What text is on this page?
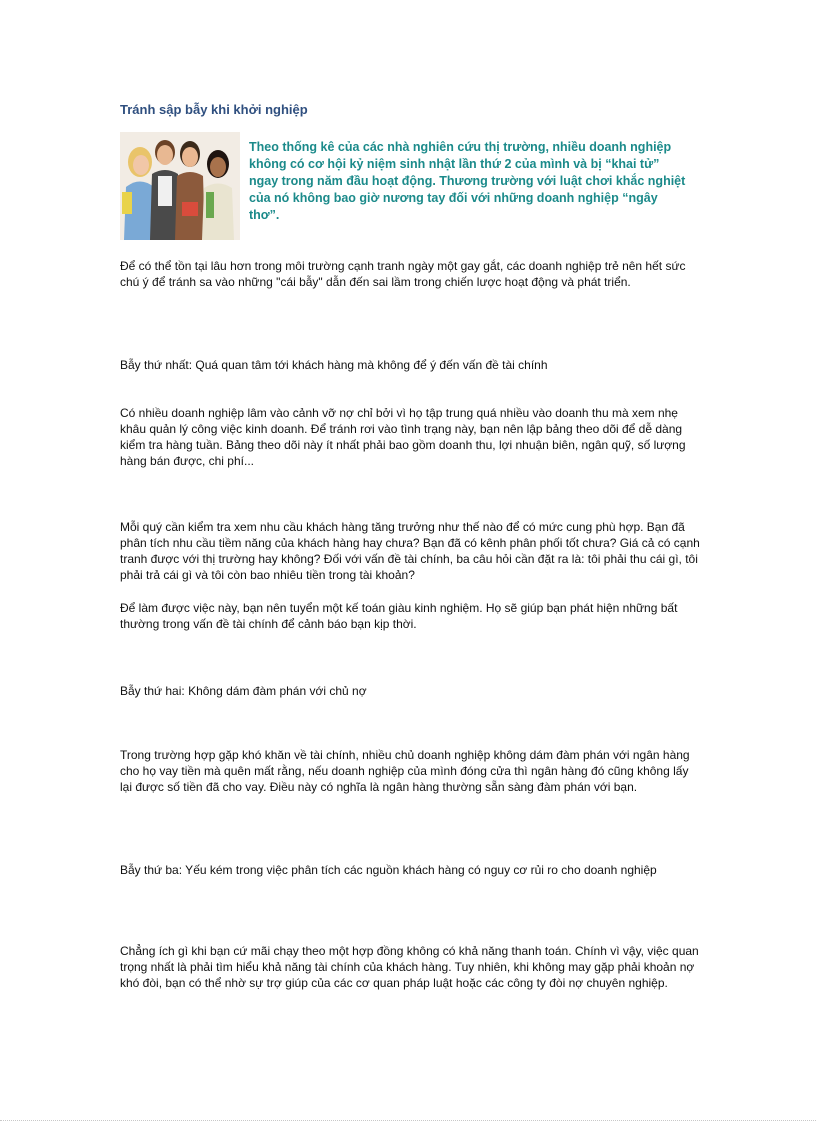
Tránh sập bẫy khi khởi nghiệp
Theo thống kê của các nhà nghiên cứu thị trường, nhiều doanh nghiệp không có cơ hội kỷ niệm sinh nhật lần thứ 2 của mình và bị “khai tử” ngay trong năm đầu hoạt động. Thương trường với luật chơi khắc nghiệt của nó không bao giờ nương tay đối với những doanh nghiệp “ngây thơ”.
Để có thể tồn tại lâu hơn trong môi trường cạnh tranh ngày một gay gắt, các doanh nghiệp trẻ nên hết sức chú ý để tránh sa vào những "cái bẫy" dẫn đến sai lầm trong chiến lược hoạt động và phát triển.
Bẫy thứ nhất: Quá quan tâm tới khách hàng mà không để ý đến vấn đề tài chính
Có nhiều doanh nghiệp lâm vào cảnh vỡ nợ chỉ bởi vì họ tập trung quá nhiều vào doanh thu mà xem nhẹ khâu quản lý công việc kinh doanh. Để tránh rơi vào tình trạng này, bạn nên lập bảng theo dõi để dễ dàng kiểm tra hàng tuần. Bảng theo dõi này ít nhất phải bao gồm doanh thu, lợi nhuận biên, ngân quỹ, số lượng hàng bán được, chi phí...
Mỗi quý cần kiểm tra xem nhu cầu khách hàng tăng trưởng như thế nào để có mức cung phù hợp. Bạn đã phân tích nhu cầu tiềm năng của khách hàng hay chưa? Bạn đã có kênh phân phối tốt chưa? Giá cả có cạnh tranh được với thị trường hay không? Đối với vấn đề tài chính, ba câu hỏi cần đặt ra là: tôi phải thu cái gì, tôi phải trả cái gì và tôi còn bao nhiêu tiền trong tài khoản?
Để làm được việc này, bạn nên tuyển một kế toán giàu kinh nghiệm. Họ sẽ giúp bạn phát hiện những bất thường trong vấn đề tài chính để cảnh báo bạn kịp thời.
Bẫy thứ hai: Không dám đàm phán với chủ nợ
Trong trường hợp gặp khó khăn về tài chính, nhiều chủ doanh nghiệp không dám đàm phán với ngân hàng cho họ vay tiền mà quên mất rằng, nếu doanh nghiệp của mình đóng cửa thì ngân hàng đó cũng không lấy lại được số tiền đã cho vay. Điều này có nghĩa là ngân hàng thường sẵn sàng đàm phán với bạn.
Bẫy thứ ba: Yếu kém trong việc phân tích các nguồn khách hàng có nguy cơ rủi ro cho doanh nghiệp
Chẳng ích gì khi bạn cứ mãi chạy theo một hợp đồng không có khả năng thanh toán. Chính vì vậy, việc quan trọng nhất là phải tìm hiểu khả năng tài chính của khách hàng. Tuy nhiên, khi không may gặp phải khoản nợ khó đòi, bạn có thể nhờ sự trợ giúp của các cơ quan pháp luật hoặc các công ty đòi nợ chuyên nghiệp.
